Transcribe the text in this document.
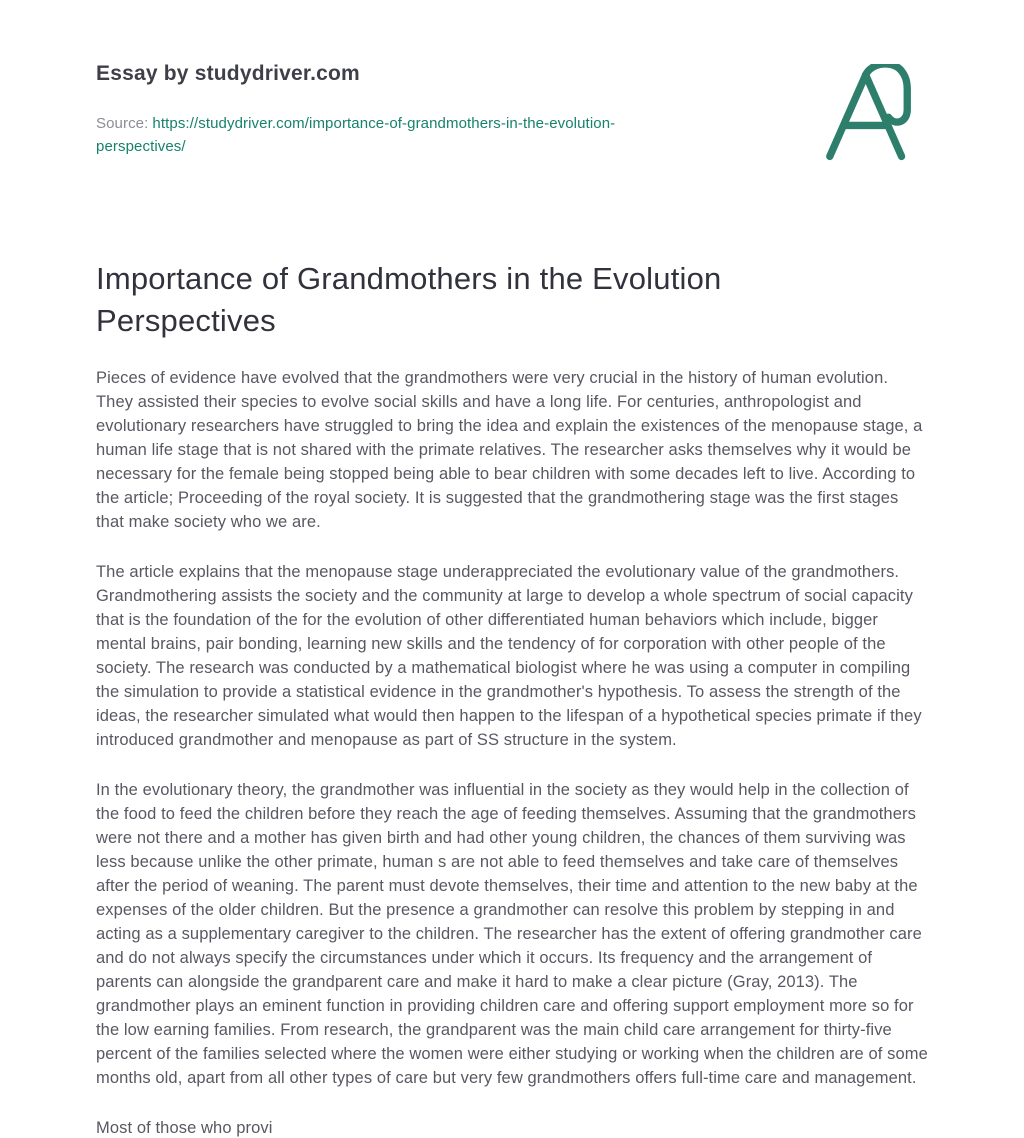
Essay by studydriver.com
Source: https://studydriver.com/importance-of-grandmothers-in-the-evolution-perspectives/
Importance of Grandmothers in the Evolution Perspectives

Pieces of evidence have evolved that the grandmothers were very crucial in the history of human evolution. They assisted their species to evolve social skills and have a long life. For centuries, anthropologist and evolutionary researchers have struggled to bring the idea and explain the existences of the menopause stage, a human life stage that is not shared with the primate relatives. The researcher asks themselves why it would be necessary for the female being stopped being able to bear children with some decades left to live. According to the article; Proceeding of the royal society. It is suggested that the grandmothering stage was the first stages that make society who we are.

The article explains that the menopause stage underappreciated the evolutionary value of the grandmothers. Grandmothering assists the society and the community at large to develop a whole spectrum of social capacity that is the foundation of the for the evolution of other differentiated human behaviors which include, bigger mental brains, pair bonding, learning new skills and the tendency of for corporation with other people of the society. The research was conducted by a mathematical biologist where he was using a computer in compiling the simulation to provide a statistical evidence in the grandmother's hypothesis. To assess the strength of the ideas, the researcher simulated what would then happen to the lifespan of a hypothetical species primate if they introduced grandmother and menopause as part of SS structure in the system.

In the evolutionary theory, the grandmother was influential in the society as they would help in the collection of the food to feed the children before they reach the age of feeding themselves. Assuming that the grandmothers were not there and a mother has given birth and had other young children, the chances of them surviving was less because unlike the other primate, human s are not able to feed themselves and take care of themselves after the period of weaning. The parent must devote themselves, their time and attention to the new baby at the expenses of the older children. But the presence a grandmother can resolve this problem by stepping in and acting as a supplementary caregiver to the children. The researcher has the extent of offering grandmother care and do not always specify the circumstances under which it occurs. Its frequency and the arrangement of parents can alongside the grandparent care and make it hard to make a clear picture (Gray, 2013). The grandmother plays an eminent function in providing children care and offering support employment more so for the low earning families. From research, the grandparent was the main child care arrangement for thirty-five percent of the families selected where the women were either studying or working when the children are of some months old, apart from all other types of care but very few grandmothers offers full-time care and management.

Most of those who provi
